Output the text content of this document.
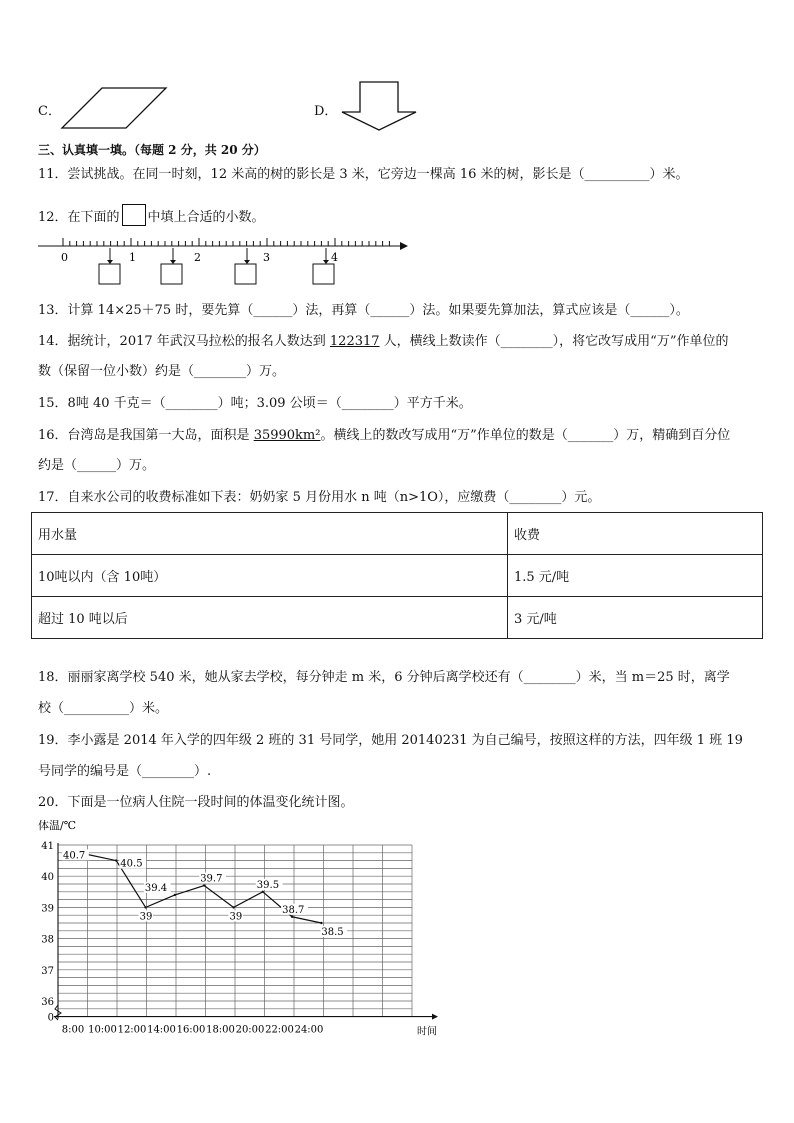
C．	D．
三、认真填一填。（每题 2 分，共 20 分）
11．尝试挑战。在同一时刻，12 米高的树的影长是 3 米，它旁边一棵高 16 米的树，影长是（__________）米。
12．在下面的 中填上合适的小数。
0	1	2	3	4
13．计算 14×25＋75 时，要先算（______）法，再算（______）法。如果要先算加法，算式应该是（______）。
14．据统计，2017 年武汉马拉松的报名人数达到 122317 人，横线上数读作（________），将它改写成用“万”作单位的
数（保留一位小数）约是（________）万。
15．8吨 40 千克＝（________）吨；3.09 公顷＝（________）平方千米。
16．台湾岛是我国第一大岛，面积是 35990km²。横线上的数改写成用“万”作单位的数是（_______）万，精确到百分位
约是（______）万。
17．自来水公司的收费标准如下表：奶奶家 5 月份用水 n 吨（n>1O），应缴费（________）元。
用水量	收费
10吨以内（含 10吨）	1.5 元/吨
超过 10 吨以后	3 元/吨
18．丽丽家离学校 540 米，她从家去学校，每分钟走 m 米，6 分钟后离学校还有（________）米，当 m＝25 时，离学
校（__________）米。
19．李小露是 2014 年入学的四年级 2 班的 31 号同学，她用 20140231 为自己编号，按照这样的方法，四年级 1 班 19
号同学的编号是（________）.
20．下面是一位病人住院一段时间的体温变化统计图。
体温/℃
0
36
37
38
39
40
41
8:00 10:00 12:00 14:00 16:00 18:00 20:00 22:00 24:00	时间
40.7
40.5
39
39.4
39.7
39
39.5
38.7
38.5
